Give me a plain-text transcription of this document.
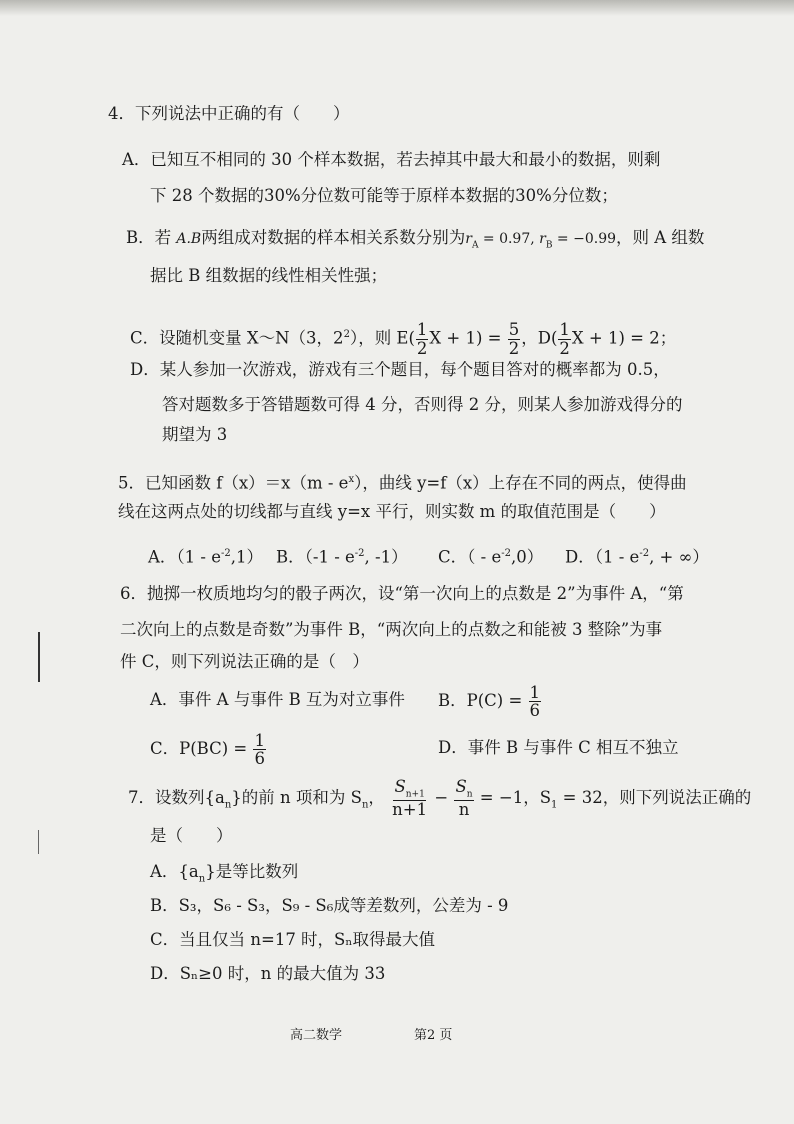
4．下列说法中正确的有（　　）
A．已知互不相同的 30 个样本数据，若去掉其中最大和最小的数据，则剩
下 28 个数据的30%分位数可能等于原样本数据的30%分位数；
B．若 A.B两组成对数据的样本相关系数分别为$r_A = 0.97$, $r_B = -0.99$，则 A 组数
据比 B 组数据的线性相关性强；
C．设随机变量 X～N（3，$2^2$），则 $E( \frac{1}{2}$ $X + 1) = \frac{5}{2}$ ，$D( \frac{1}{2}$ X + 1) = 2；
D．某人参加一次游戏，游戏有三个题目，每个题目答对的概率都为 0.5，
答对题数多于答错题数可得 4 分，否则得 2 分，则某人参加游戏得分的
期望为 3
5．已知函数 $f(x)=x(m - e^x)$，曲线 y=f（x）上存在不同的两点，使得曲
线在这两点处的切线都与直线 y=x 平行，则实数 m 的取值范围是（　　）
A．$(1 - e^{-2},1)$ B．（$-1 - e^{-2}$, -1） C．（ - $e^{-2},0$） D．（$1 - e^{-2}$, + ∞）
6．抛掷一枚质地均匀的骰子两次，设“第一次向上的点数是 2”为事件 A，“第
二次向上的点数是奇数”为事件 B，“两次向上的点数之和能被 3 整除”为事
件 C，则下列说法正确的是（　）
A．事件 A 与事件 B 互为对立事件 B．$P(C) = \frac{1}{6}$
C．$P(BC) = \frac{1}{6}$	D．事件 B 与事件 C 相互不独立
7．设数列$\{a_n\}$的前 n 项和为 $S_n$， $\frac{S_{n+1}}{n+1} - \frac{S_n}{n} = -1$，$S_1 = 32$，则下列说法正确的
是（　　）
A．$\{a_n\}$是等比数列
B．S₃，S₆ - S₃，S₉ - S₆成等差数列，公差为 - 9
C．当且仅当 n=17 时，Sₙ取得最大值
D．Sₙ≥0 时，n 的最大值为 33
高二数学	第2 页
